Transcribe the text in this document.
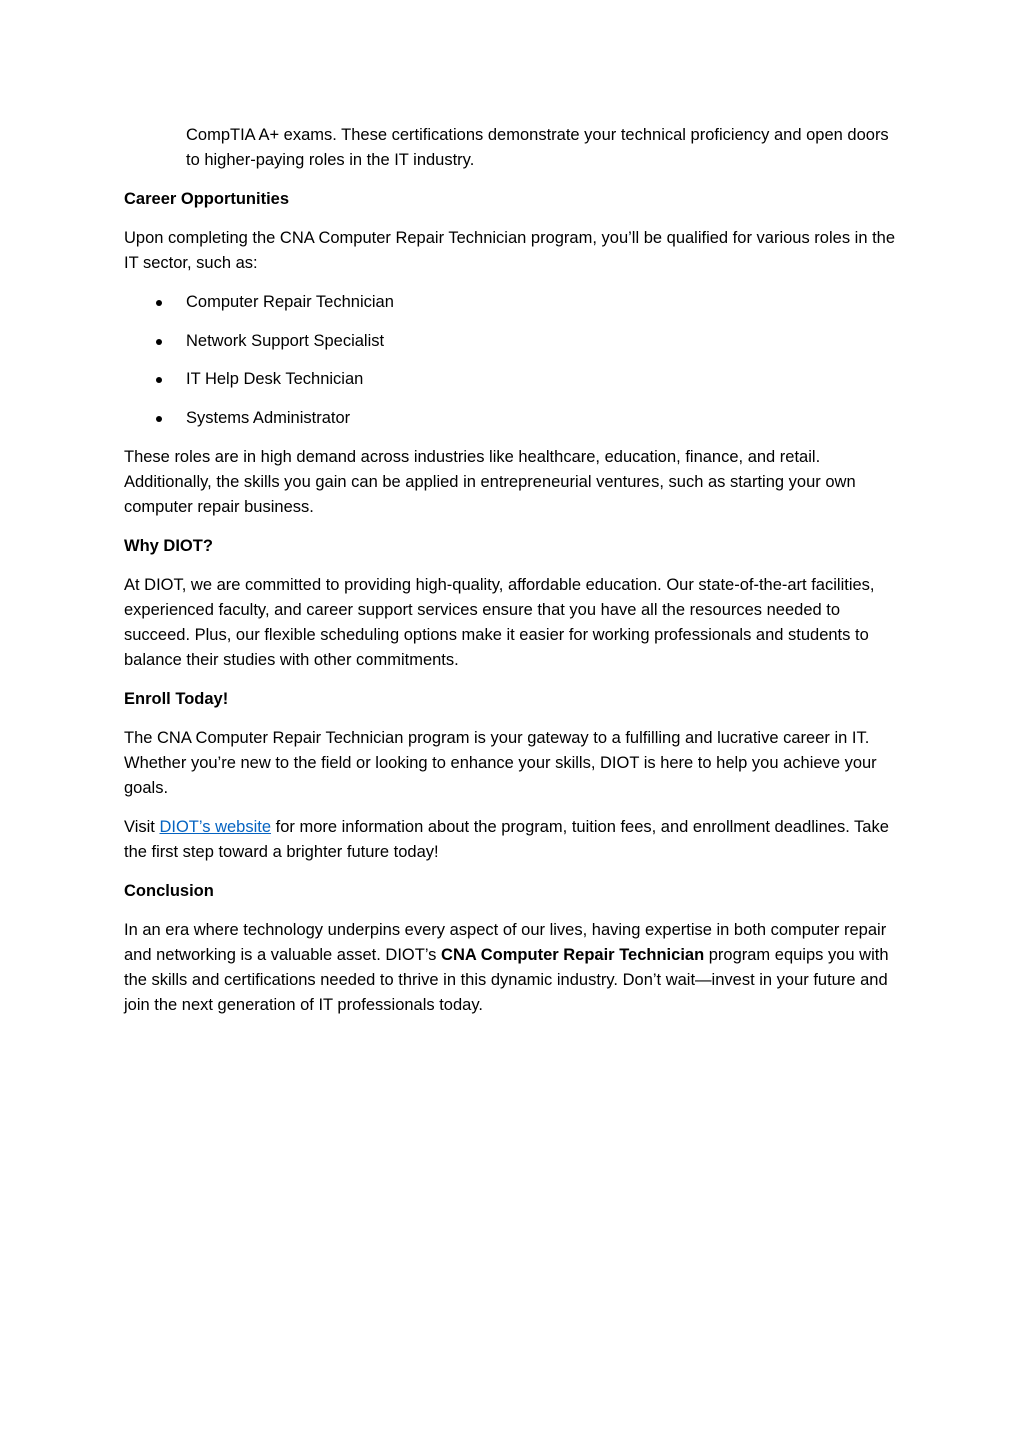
CompTIA A+ exams. These certifications demonstrate your technical proficiency and open doors to higher-paying roles in the IT industry.

Career Opportunities

Upon completing the CNA Computer Repair Technician program, you’ll be qualified for various roles in the IT sector, such as:

Computer Repair Technician
Network Support Specialist
IT Help Desk Technician
Systems Administrator

These roles are in high demand across industries like healthcare, education, finance, and retail. Additionally, the skills you gain can be applied in entrepreneurial ventures, such as starting your own computer repair business.

Why DIOT?

At DIOT, we are committed to providing high-quality, affordable education. Our state-of-the-art facilities, experienced faculty, and career support services ensure that you have all the resources needed to succeed. Plus, our flexible scheduling options make it easier for working professionals and students to balance their studies with other commitments.

Enroll Today!

The CNA Computer Repair Technician program is your gateway to a fulfilling and lucrative career in IT. Whether you’re new to the field or looking to enhance your skills, DIOT is here to help you achieve your goals.

Visit DIOT’s website for more information about the program, tuition fees, and enrollment deadlines. Take the first step toward a brighter future today!

Conclusion

In an era where technology underpins every aspect of our lives, having expertise in both computer repair and networking is a valuable asset. DIOT’s CNA Computer Repair Technician program equips you with the skills and certifications needed to thrive in this dynamic industry. Don’t wait—invest in your future and join the next generation of IT professionals today.
